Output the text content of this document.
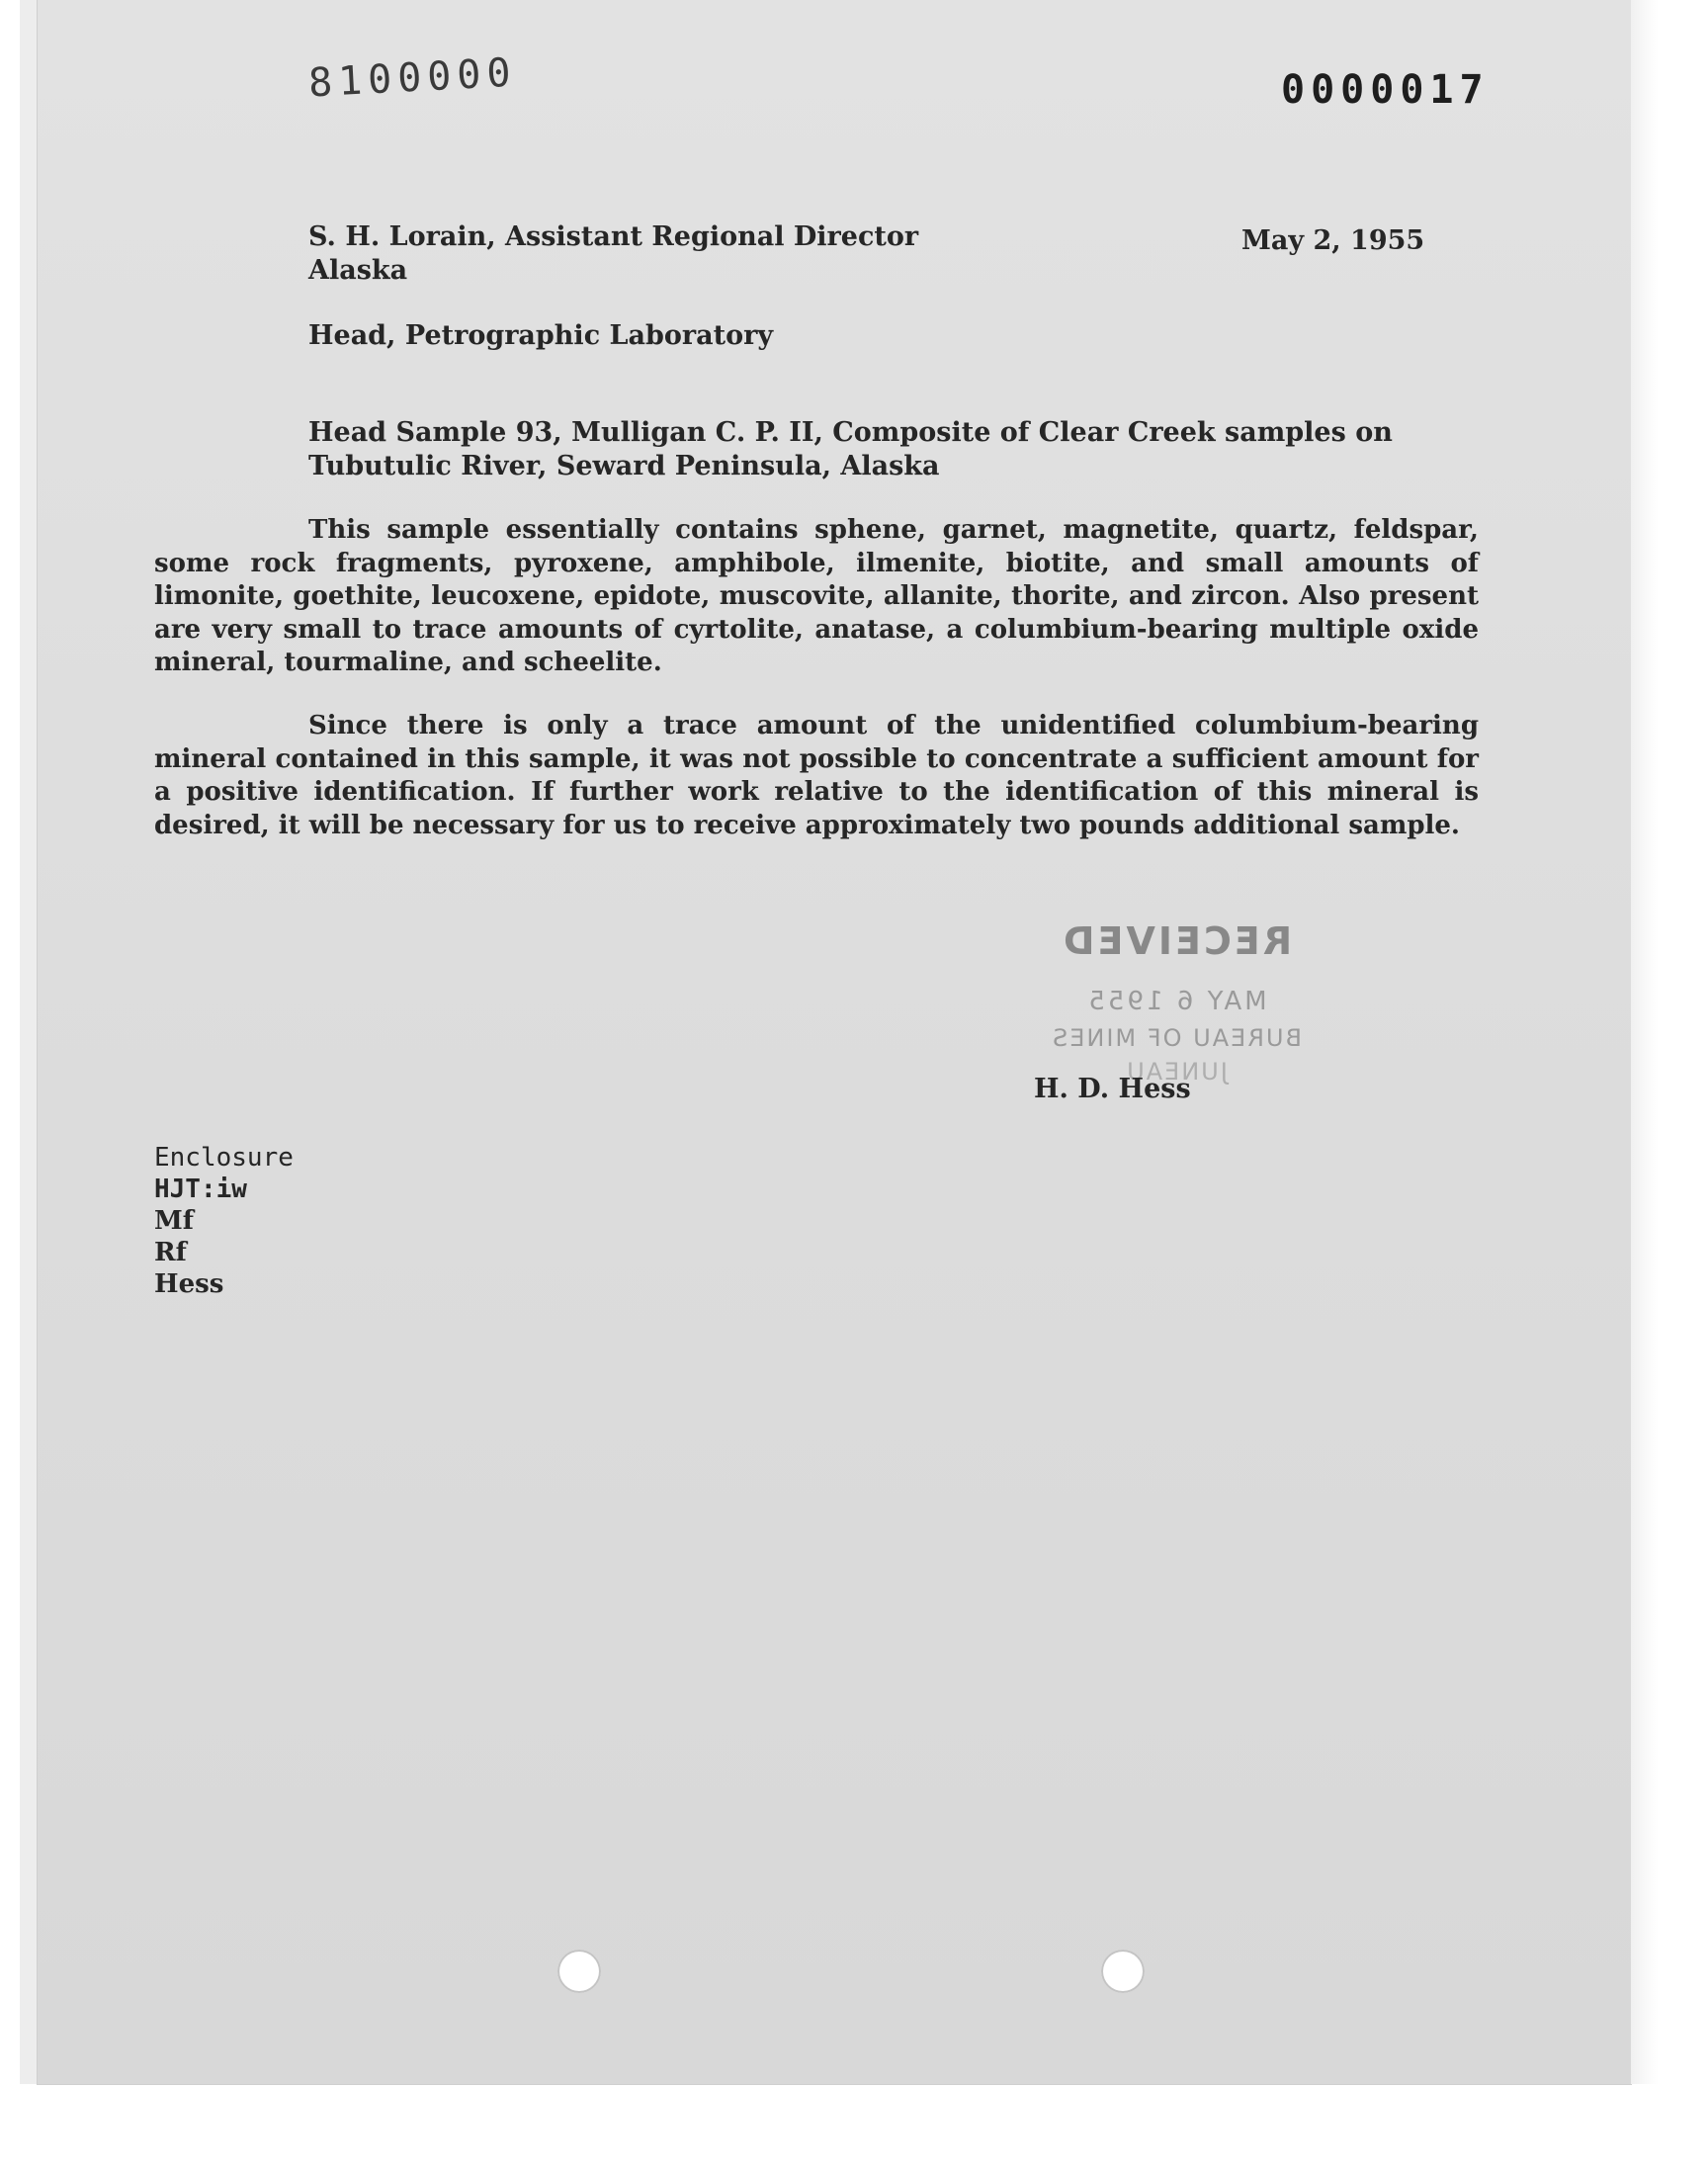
8100000	0000017
S. H. Lorain, Assistant Regional Director
Alaska
May 2, 1955
Head, Petrographic Laboratory
Head Sample 93, Mulligan C. P. II, Composite of Clear Creek samples on
Tubutulic River, Seward Peninsula, Alaska
This sample essentially contains sphene, garnet, magnetite, quartz, feldspar, some rock fragments, pyroxene, amphibole, ilmenite, biotite, and small amounts of limonite, goethite, leucoxene, epidote, muscovite, allanite, thorite, and zircon. Also present are very small to trace amounts of cyrtolite, anatase, a columbium-bearing multiple oxide mineral, tourmaline, and scheelite.
Since there is only a trace amount of the unidentified columbium-bearing mineral contained in this sample, it was not possible to concentrate a sufficient amount for a positive identification. If further work relative to the identification of this mineral is desired, it will be necessary for us to receive approximately two pounds additional sample.
RECEIVED
MAY 6 1955
BUREAU OF MINES
JUNEAU
H. D. Hess
Enclosure
HJT:iw
Mf
Rf
Hess
